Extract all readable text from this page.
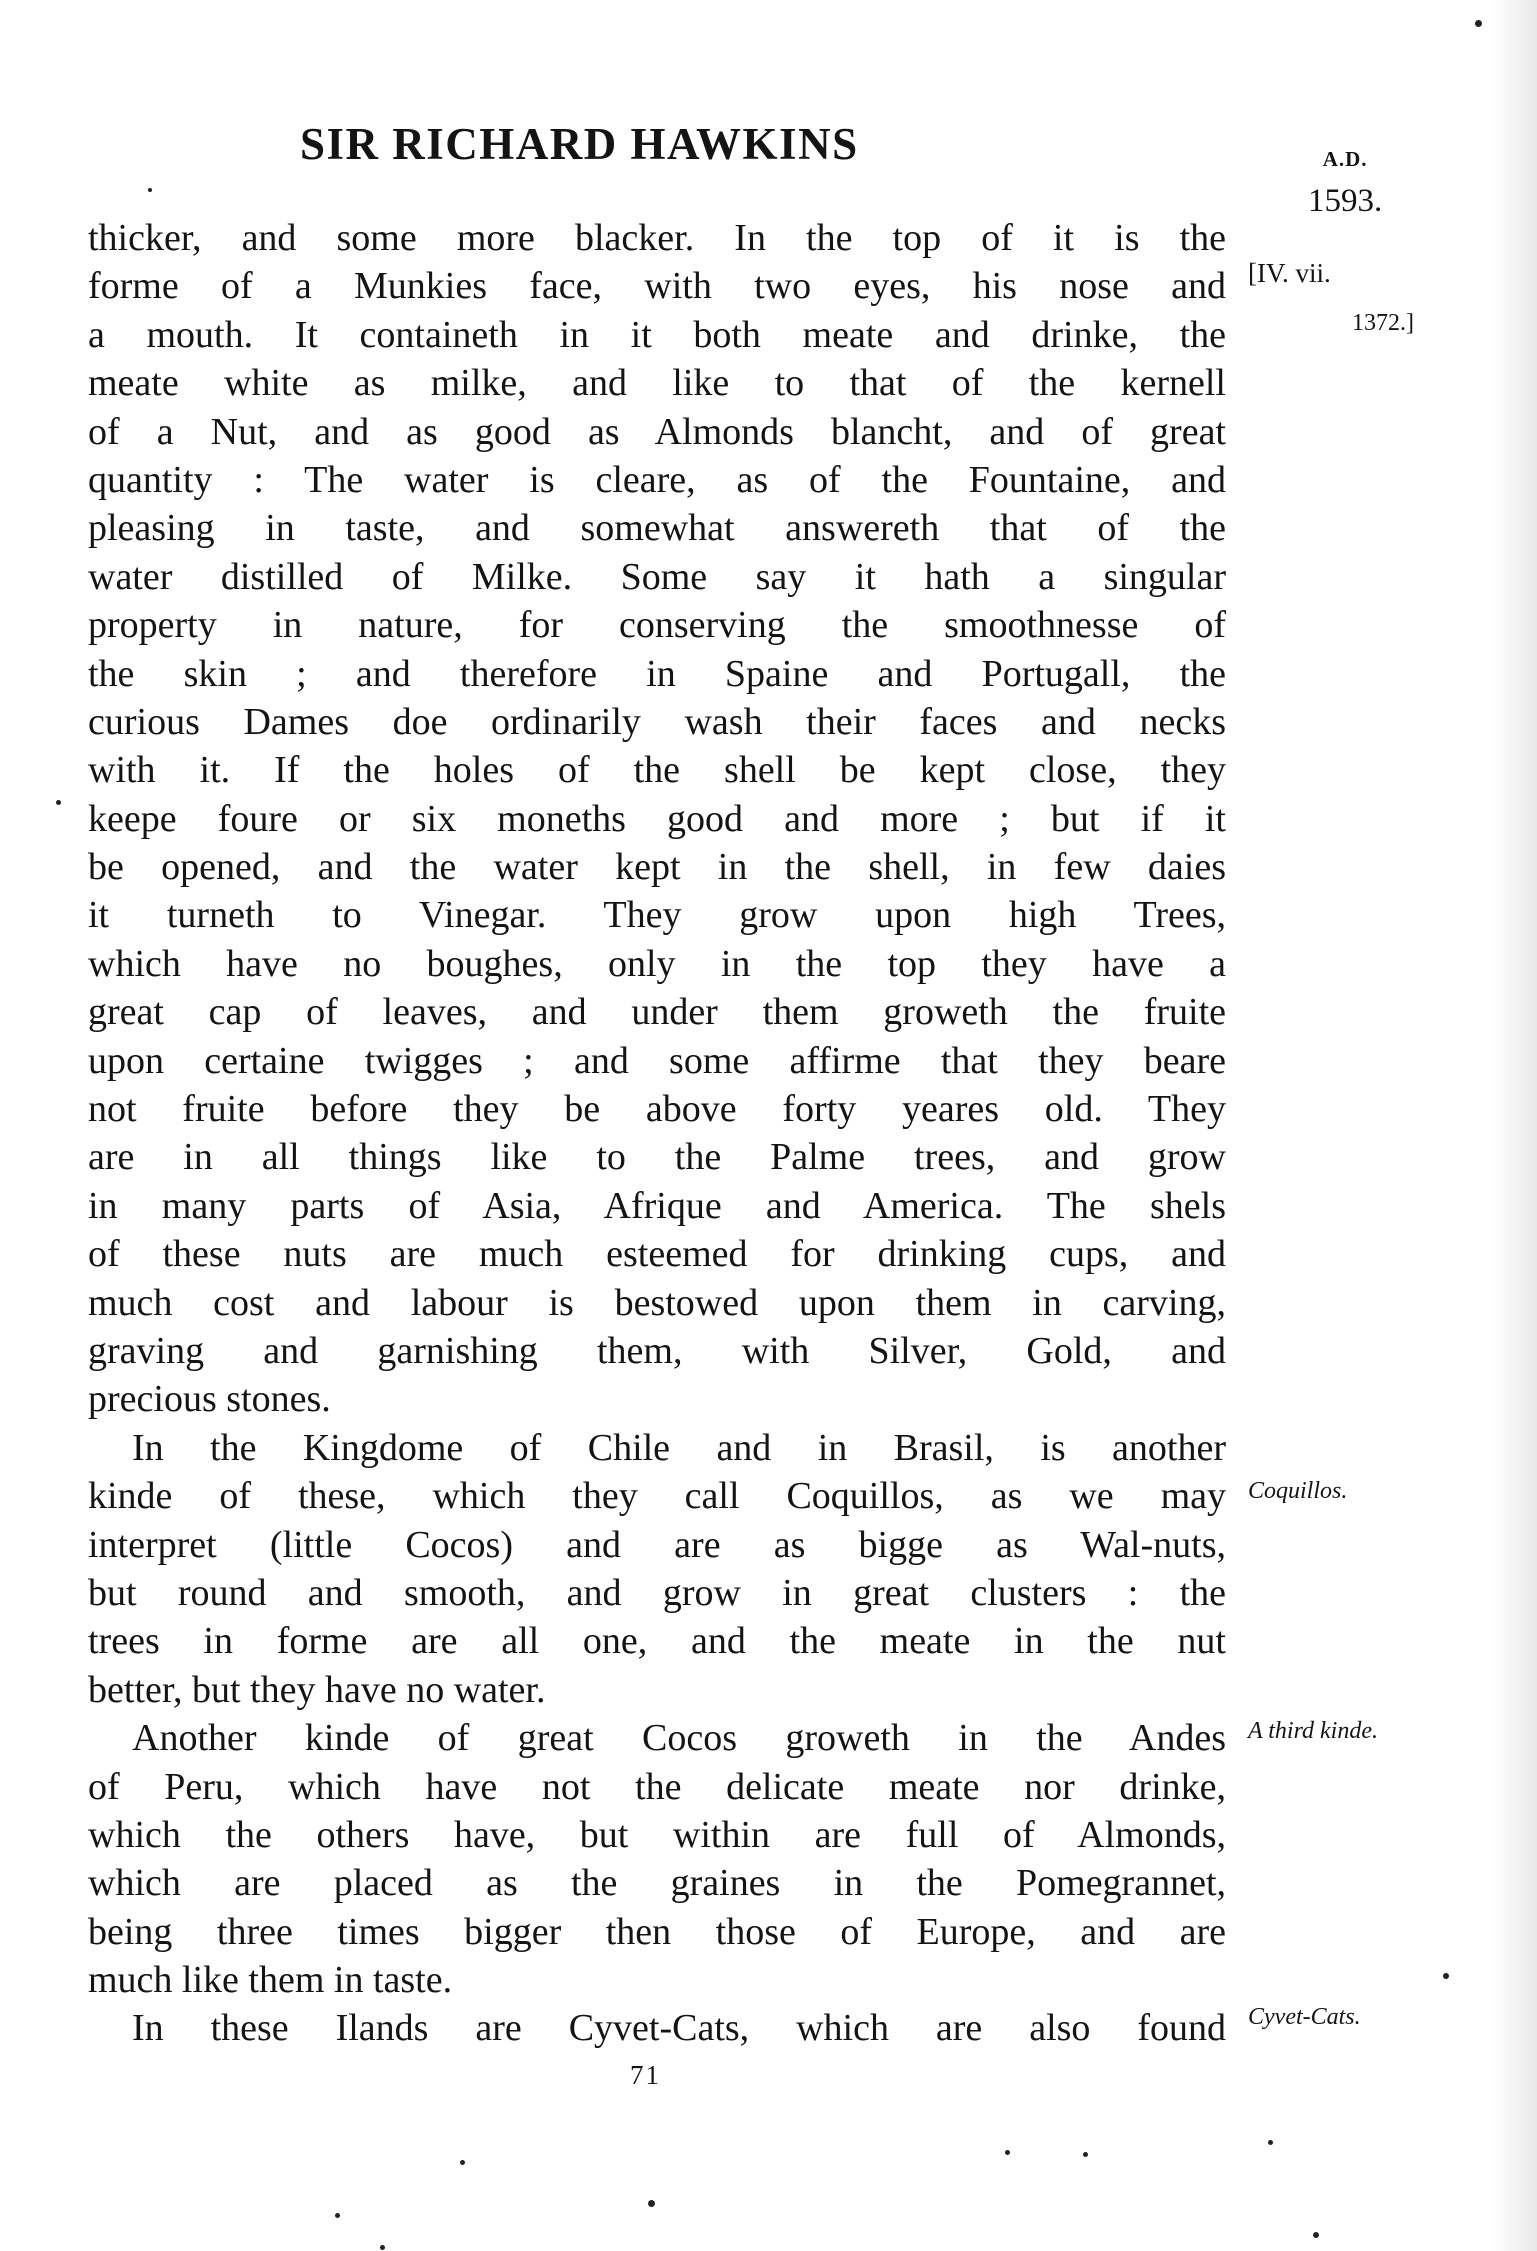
SIR RICHARD HAWKINS	A.D.
1593.
[IV. vii.
1372.]
thicker, and some more blacker. In the top of it is the
forme of a Munkies face, with two eyes, his nose and
a mouth. It containeth in it both meate and drinke, the
meate white as milke, and like to that of the kernell
of a Nut, and as good as Almonds blancht, and of great
quantity : The water is cleare, as of the Fountaine, and
pleasing in taste, and somewhat answereth that of the
water distilled of Milke. Some say it hath a singular
property in nature, for conserving the smoothnesse of
the skin ; and therefore in Spaine and Portugall, the
curious Dames doe ordinarily wash their faces and necks
with it. If the holes of the shell be kept close, they
keepe foure or six moneths good and more ; but if it
be opened, and the water kept in the shell, in few daies
it turneth to Vinegar. They grow upon high Trees,
which have no boughes, only in the top they have a
great cap of leaves, and under them groweth the fruite
upon certaine twigges ; and some affirme that they beare
not fruite before they be above forty yeares old. They
are in all things like to the Palme trees, and grow
in many parts of Asia, Afrique and America. The shels
of these nuts are much esteemed for drinking cups, and
much cost and labour is bestowed upon them in carving,
graving and garnishing them, with Silver, Gold, and
precious stones.
In the Kingdome of Chile and in Brasil, is another
kinde of these, which they call Coquillos, as we may
interpret (little Cocos) and are as bigge as Wal-nuts,
but round and smooth, and grow in great clusters : the
trees in forme are all one, and the meate in the nut
better, but they have no water.
Another kinde of great Cocos groweth in the Andes
of Peru, which have not the delicate meate nor drinke,
which the others have, but within are full of Almonds,
which are placed as the graines in the Pomegrannet,
being three times bigger then those of Europe, and are
much like them in taste.
In these Ilands are Cyvet-Cats, which are also found
Coquillos.
A third kinde.
Cyvet-Cats.
71
